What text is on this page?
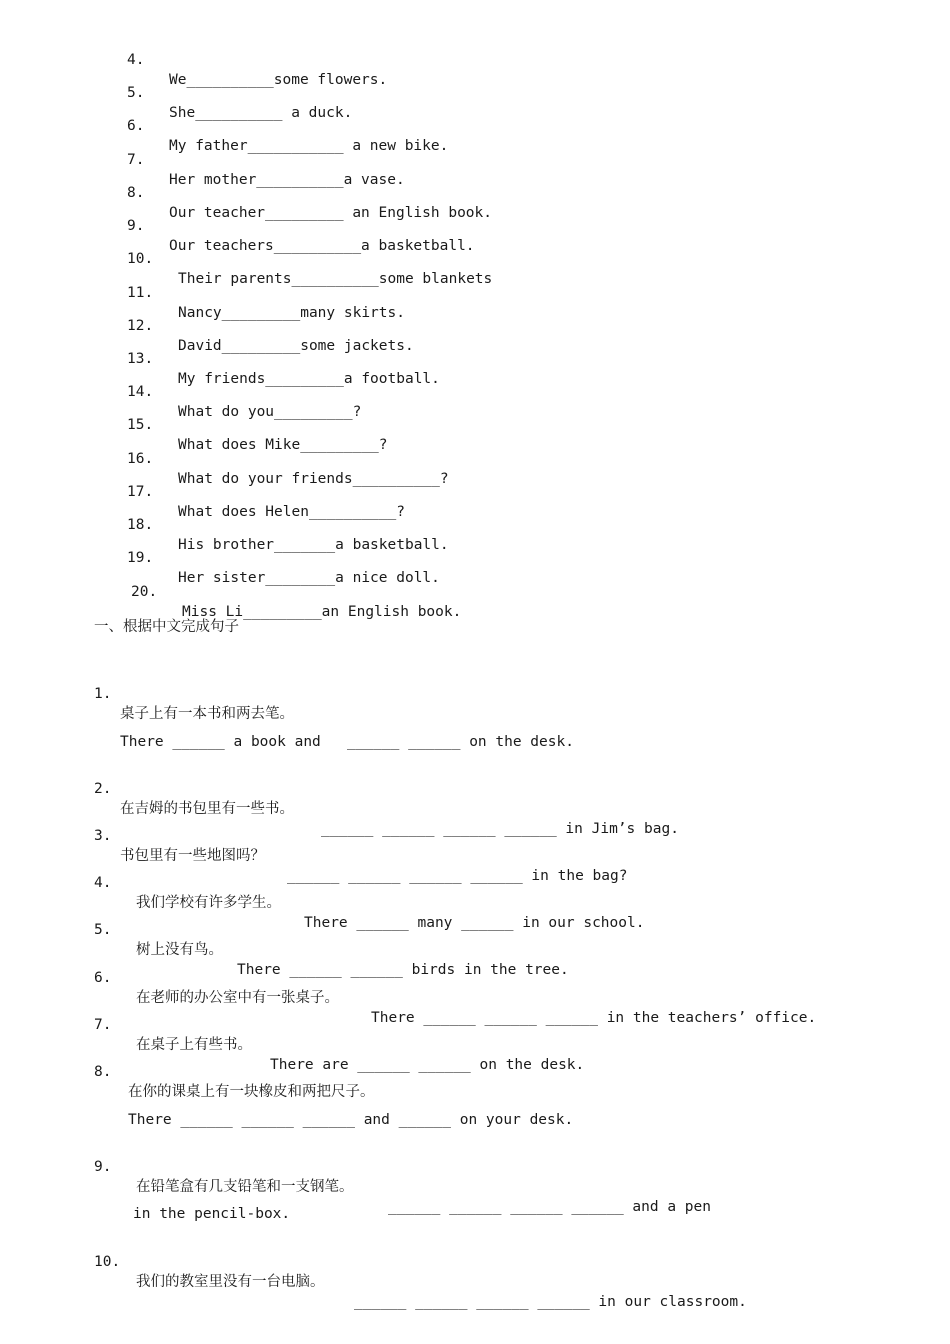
4.

We__________some flowers.

5.

She__________ a duck.

6.

My father___________ a new bike.

7.

Her mother__________a vase.

8.

Our teacher_________ an English book.

9.

Our teachers__________a basketball.

10.

Their parents__________some blankets

11.

Nancy_________many skirts.

12.

David_________some jackets.

13.

My friends_________a football.

14.

What do you_________?

15.

What does Mike_________?

16.

What do your friends__________?

17.

What does Helen__________?

18.

His brother_______a basketball.

19.

Her sister________a nice doll.

20.

Miss Li_________an English book.

一、根据中文完成句子

1.

桌子上有一本书和两去笔。

There ______ a book and   ______ ______ on the desk.

2.

在吉姆的书包里有一些书。

______ ______ ______ ______ in Jim’s bag.

3.

书包里有一些地图吗？

______ ______ ______ ______ in the bag?

4.

我们学校有许多学生。

There ______ many ______ in our school.

5.

树上没有鸟。

There ______ ______ birds in the tree.

6.

在老师的办公室中有一张桌子。

There ______ ______ ______ in the teachers’ office.

7.

在桌子上有些书。

There are ______ ______ on the desk.

8.

在你的课桌上有一块橡皮和两把尺子。

There ______ ______ ______ and ______ on your desk.

9.

在铅笔盒有几支铅笔和一支钢笔。

______ ______ ______ ______ and a pen

in the pencil-box.

10.

我们的教室里没有一台电脑。

______ ______ ______ ______ in our classroom.
